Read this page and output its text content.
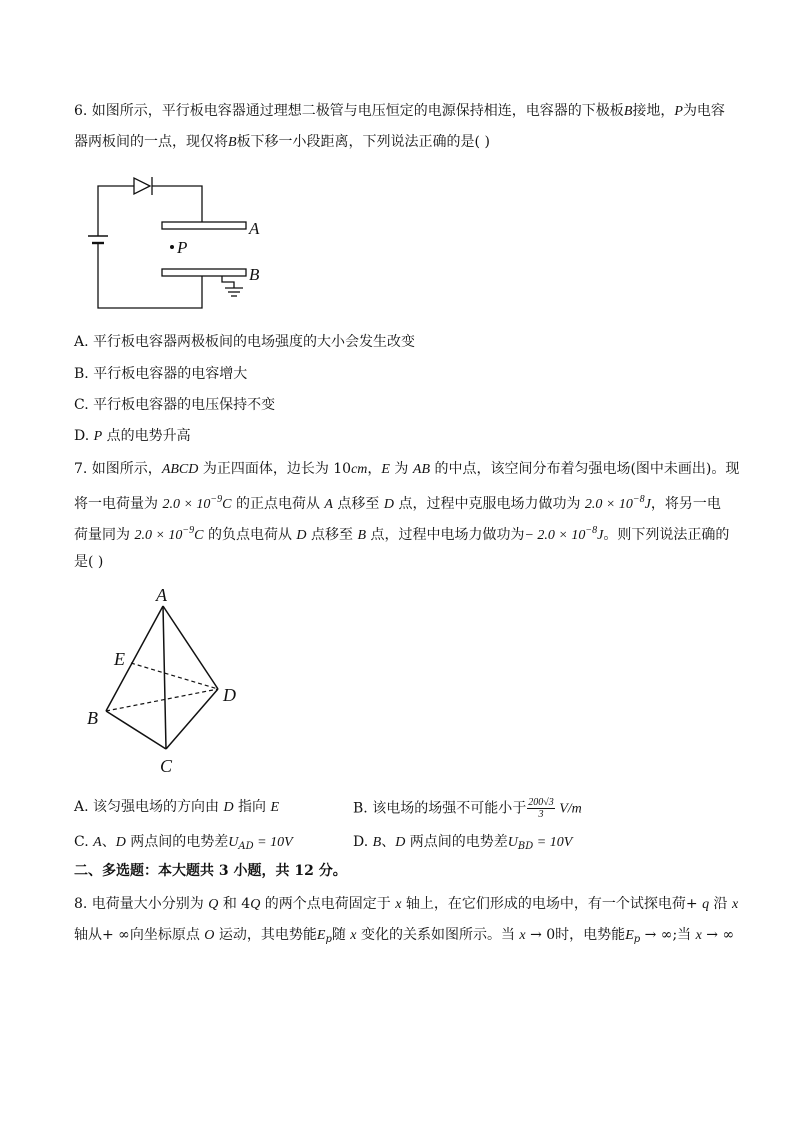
6. 如图所示，平行板电容器通过理想二极管与电压恒定的电源保持相连，电容器的下极板B接地，P为电容
器两板间的一点，现仅将B板下移一小段距离，下列说法正确的是( )
A
P
B
A. 平行板电容器两极板间的电场强度的大小会发生改变
B. 平行板电容器的电容增大
C. 平行板电容器的电压保持不变
D. P 点的电势升高
7. 如图所示，ABCD 为正四面体，边长为 10cm，E 为 AB 的中点，该空间分布着匀强电场(图中未画出)。现
将一电荷量为 $2.0 \times 10^{-9}C$ 的正点电荷从 A 点移至 D 点，过程中克服电场力做功为 $2.0 \times 10^{-8}J$，将另一电
荷量同为 $2.0 \times 10^{-9}C$ 的负点电荷从 D 点移至 B 点，过程中电场力做功为− $2.0 \times 10^{-8}J$。则下列说法正确的
是( )
A
E
D
B
C
A. 该匀强电场的方向由 D 指向 E	B. 该电场的场强不可能小于 $\frac{200√3}{3} V/m$
C. A、D 两点间的电势差$U_{AD} = 10V$	D. B、D 两点间的电势差$U_{BD} = 10V$
二、多选题：本大题共 3 小题，共 12 分。
8. 电荷量大小分别为 Q 和 4Q 的两个点电荷固定于 x 轴上，在它们形成的电场中，有一个试探电荷+ q 沿 x
轴从+ ∞向坐标原点 O 运动，其电势能$E_p$随 x 变化的关系如图所示。当 x → 0时，电势能$E_p$ → ∞;当 x → ∞
